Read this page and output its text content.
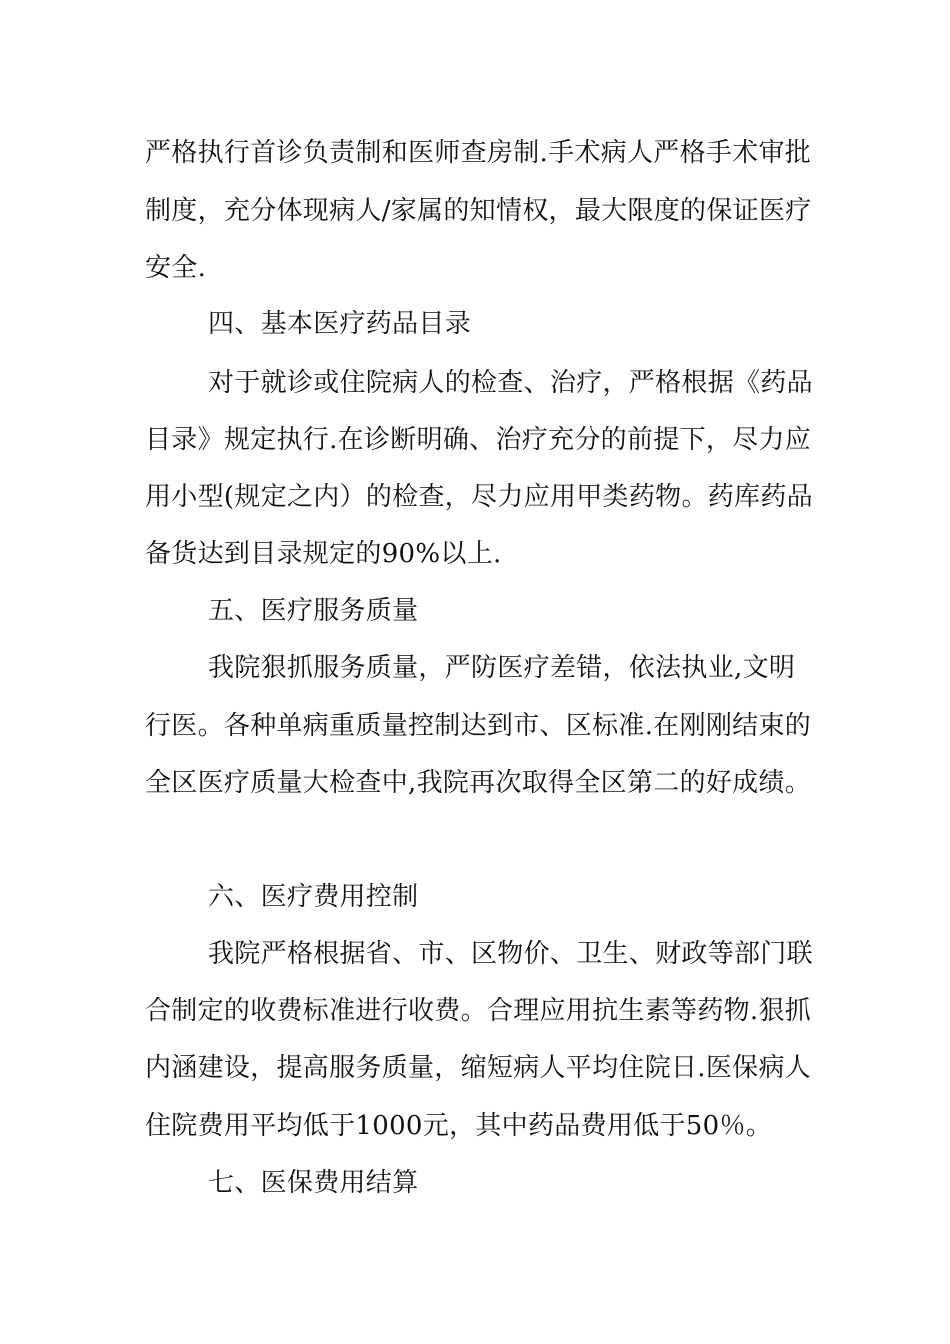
严格执行首诊负责制和医师查房制.手术病人严格手术审批
制度，充分体现病人/家属的知情权，最大限度的保证医疗
安全.
四、基本医疗药品目录
对于就诊或住院病人的检查、治疗，严格根据《药品
目录》规定执行.在诊断明确、治疗充分的前提下，尽力应
用小型(规定之内）的检查，尽力应用甲类药物。药库药品
备货达到目录规定的90%以上.
五、医疗服务质量
我院狠抓服务质量，严防医疗差错，依法执业,文明
行医。各种单病重质量控制达到市、区标准.在刚刚结束的
全区医疗质量大检查中,我院再次取得全区第二的好成绩。
六、医疗费用控制
我院严格根据省、市、区物价、卫生、财政等部门联
合制定的收费标准进行收费。合理应用抗生素等药物.狠抓
内涵建设，提高服务质量，缩短病人平均住院日.医保病人
住院费用平均低于1000元，其中药品费用低于50％。
七、医保费用结算
